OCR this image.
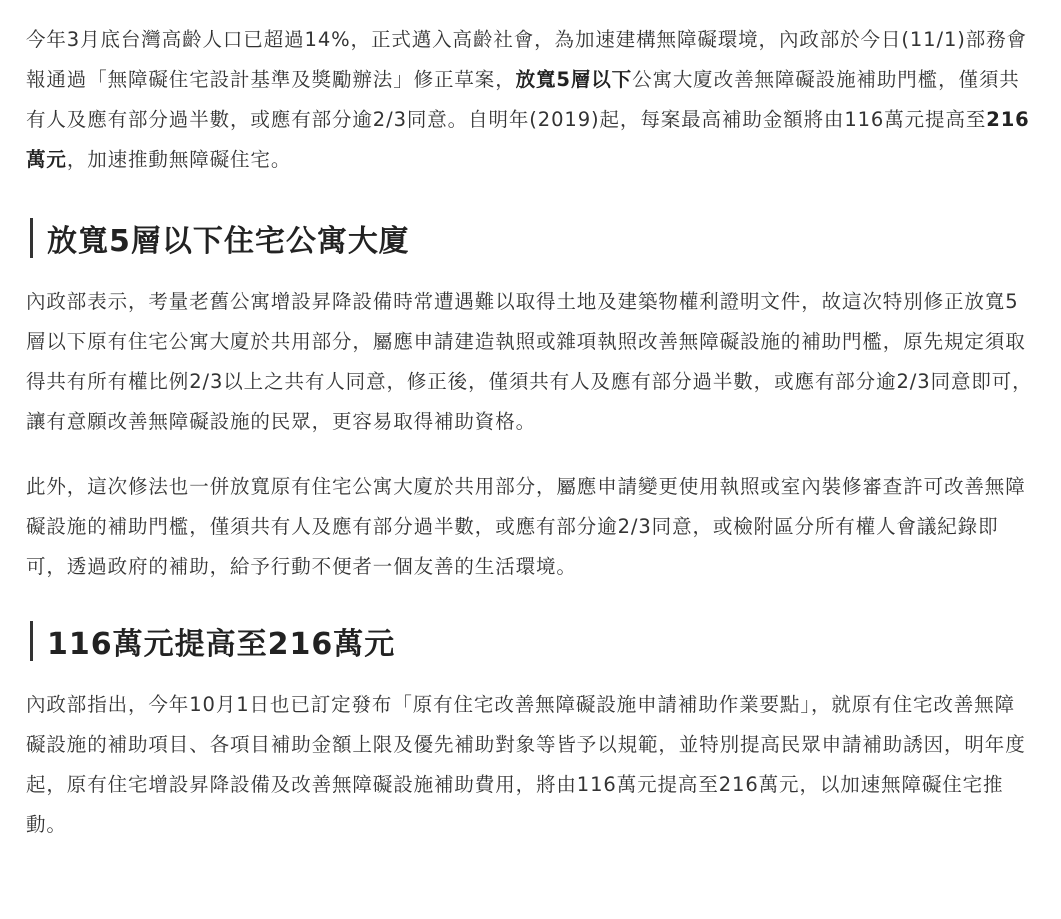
今年3月底台灣高齡人口已超過14%，正式邁入高齡社會，為加速建構無障礙環境，內政部於今日(11/1)部務會報通過「無障礙住宅設計基準及獎勵辦法」修正草案，放寬5層以下公寓大廈改善無障礙設施補助門檻，僅須共有人及應有部分過半數，或應有部分逾2/3同意。自明年(2019)起，每案最高補助金額將由116萬元提高至216萬元，加速推動無障礙住宅。

放寬5層以下住宅公寓大廈

內政部表示，考量老舊公寓增設昇降設備時常遭遇難以取得土地及建築物權利證明文件，故這次特別修正放寬5層以下原有住宅公寓大廈於共用部分，屬應申請建造執照或雜項執照改善無障礙設施的補助門檻，原先規定須取得共有所有權比例2/3以上之共有人同意，修正後，僅須共有人及應有部分過半數，或應有部分逾2/3同意即可，讓有意願改善無障礙設施的民眾，更容易取得補助資格。

此外，這次修法也一併放寬原有住宅公寓大廈於共用部分，屬應申請變更使用執照或室內裝修審查許可改善無障礙設施的補助門檻，僅須共有人及應有部分過半數，或應有部分逾2/3同意，或檢附區分所有權人會議紀錄即可，透過政府的補助，給予行動不便者一個友善的生活環境。

116萬元提高至216萬元

內政部指出，今年10月1日也已訂定發布「原有住宅改善無障礙設施申請補助作業要點」，就原有住宅改善無障礙設施的補助項目、各項目補助金額上限及優先補助對象等皆予以規範，並特別提高民眾申請補助誘因，明年度起，原有住宅增設昇降設備及改善無障礙設施補助費用，將由116萬元提高至216萬元，以加速無障礙住宅推動。
